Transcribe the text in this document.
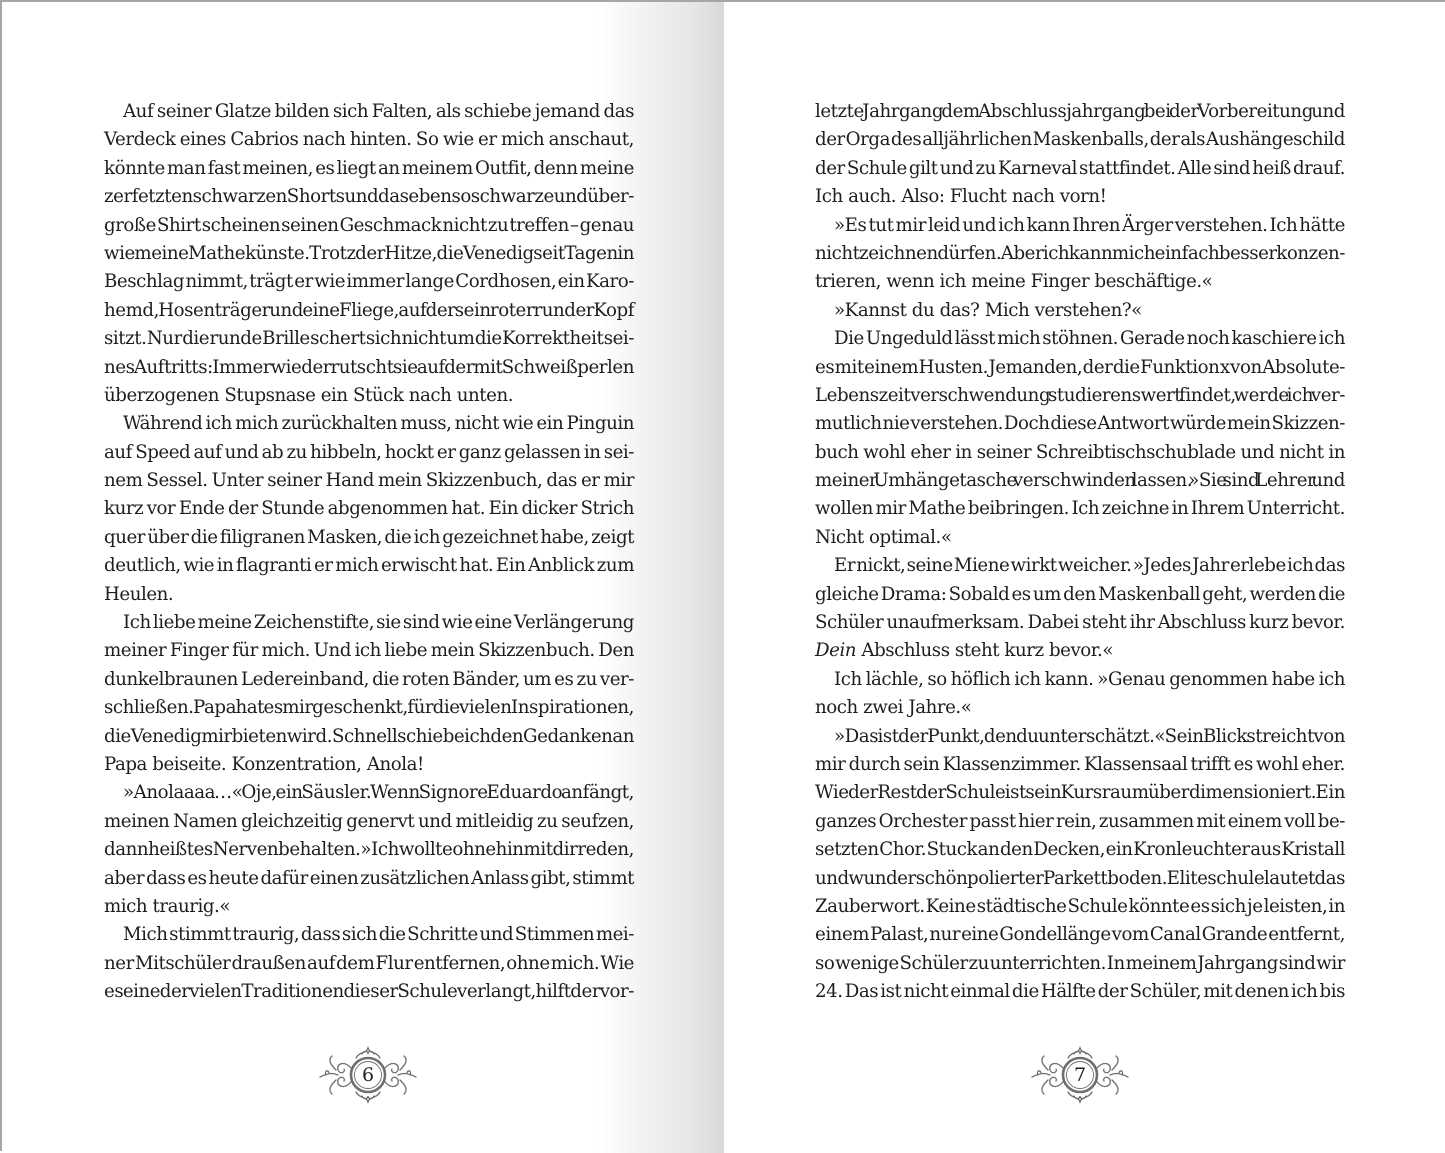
Auf seiner Glatze bilden sich Falten, als schiebe jemand das
Verdeck eines Cabrios nach hinten. So wie er mich anschaut,
könnte man fast meinen, es liegt an meinem Outfit, denn meine
zerfetzten schwarzen Shorts und das ebenso schwarze und über-
große Shirt scheinen seinen Geschmack nicht zu treffen – genau
wie meine Mathekünste. Trotz der Hitze, die Venedig seit Tagen in
Beschlag nimmt, trägt er wie immer lange Cordhosen, ein Karo-
hemd, Hosenträger und eine Fliege, auf der sein roter runder Kopf
sitzt. Nur die runde Brille schert sich nicht um die Korrektheit sei-
nes Auftritts: Immer wieder rutscht sie auf der mit Schweißperlen
überzogenen Stupsnase ein Stück nach unten.
Während ich mich zurückhalten muss, nicht wie ein Pinguin
auf Speed auf und ab zu hibbeln, hockt er ganz gelassen in sei-
nem Sessel. Unter seiner Hand mein Skizzenbuch, das er mir
kurz vor Ende der Stunde abgenommen hat. Ein dicker Strich
quer über die filigranen Masken, die ich gezeichnet habe, zeigt
deutlich, wie in flagranti er mich erwischt hat. Ein Anblick zum
Heulen.
Ich liebe meine Zeichenstifte, sie sind wie eine Verlängerung
meiner Finger für mich. Und ich liebe mein Skizzenbuch. Den
dunkelbraunen Ledereinband, die roten Bänder, um es zu ver-
schließen. Papa hat es mir geschenkt, für die vielen Inspirationen,
die Venedig mir bieten wird. Schnell schiebe ich den Gedanken an
Papa beiseite. Konzentration, Anola!
»Anolaaaa …« Oje, ein Säusler. Wenn Signore Eduardo anfängt,
meinen Namen gleichzeitig genervt und mitleidig zu seufzen,
dann heißt es Nerven behalten. »Ich wollte ohnehin mit dir reden,
aber dass es heute dafür einen zusätzlichen Anlass gibt, stimmt
mich traurig.«
Mich stimmt traurig, dass sich die Schritte und Stimmen mei-
ner Mitschüler draußen auf dem Flur entfernen, ohne mich. Wie
es eine der vielen Traditionen dieser Schule verlangt, hilft der vor-
6
letzte Jahrgang dem Abschlussjahrgang bei der Vorbereitung und
der Orga des alljährlichen Maskenballs, der als Aushängeschild
der Schule gilt und zu Karneval stattfindet. Alle sind heiß drauf.
Ich auch. Also: Flucht nach vorn!
»Es tut mir leid und ich kann Ihren Ärger verstehen. Ich hätte
nicht zeichnen dürfen. Aber ich kann mich einfach besser konzen-
trieren, wenn ich meine Finger beschäftige.«
»Kannst du das? Mich verstehen?«
Die Ungeduld lässt mich stöhnen. Gerade noch kaschiere ich
es mit einem Husten. Jemanden, der die Funktion x von Absolute-
Lebenszeitverschwendung studierenswert findet, werde ich ver-
mutlich nie verstehen. Doch diese Antwort würde mein Skizzen-
buch wohl eher in seiner Schreibtischschublade und nicht in
meiner Umhängetasche verschwinden lassen. »Sie sind Lehrer und
wollen mir Mathe beibringen. Ich zeichne in Ihrem Unterricht.
Nicht optimal.«
Er nickt, seine Miene wirkt weicher. »Jedes Jahr erlebe ich das
gleiche Drama: Sobald es um den Maskenball geht, werden die
Schüler unaufmerksam. Dabei steht ihr Abschluss kurz bevor.
Dein Abschluss steht kurz bevor.«
Ich lächle, so höflich ich kann. »Genau genommen habe ich
noch zwei Jahre.«
»Das ist der Punkt, den du unterschätzt.« Sein Blick streicht von
mir durch sein Klassenzimmer. Klassensaal trifft es wohl eher.
Wie der Rest der Schule ist sein Kursraum überdimensioniert. Ein
ganzes Orchester passt hier rein, zusammen mit einem voll be-
setzten Chor. Stuck an den Decken, ein Kronleuchter aus Kristall
und wunderschön polierter Parkettboden. Eliteschule lautet das
Zauberwort. Keine städtische Schule könnte es sich je leisten, in
einem Palast, nur eine Gondellänge vom Canal Grande entfernt,
so wenige Schüler zu unterrichten. In meinem Jahrgang sind wir
24. Das ist nicht einmal die Hälfte der Schüler, mit denen ich bis
7
